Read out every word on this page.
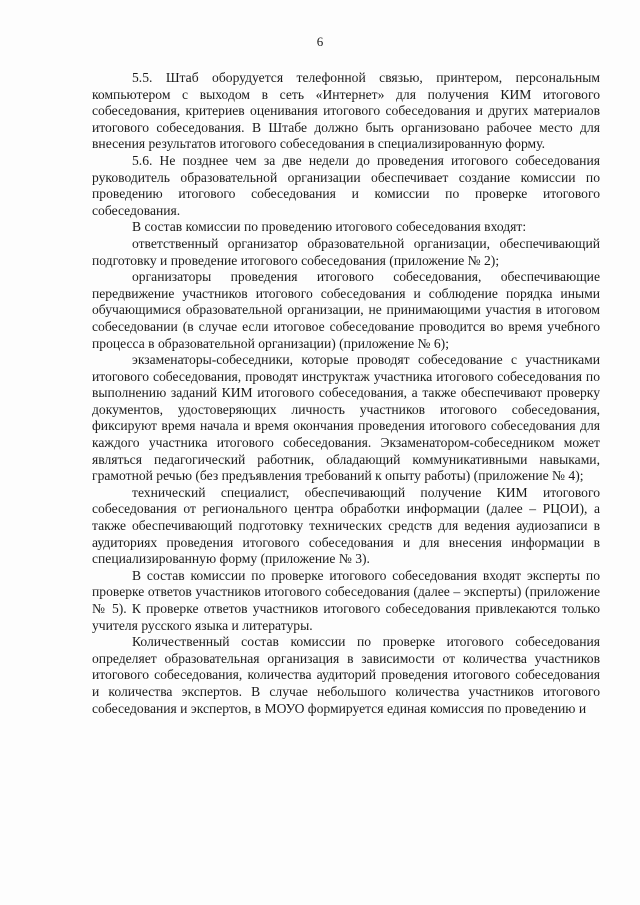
6

5.5. Штаб оборудуется телефонной связью, принтером, персональным компьютером с выходом в сеть «Интернет» для получения КИМ итогового собеседования, критериев оценивания итогового собеседования и других материалов итогового собеседования. В Штабе должно быть организовано рабочее место для внесения результатов итогового собеседования в специализированную форму.

5.6. Не позднее чем за две недели до проведения итогового собеседования руководитель образовательной организации обеспечивает создание комиссии по проведению итогового собеседования и комиссии по проверке итогового собеседования.

В состав комиссии по проведению итогового собеседования входят:

ответственный организатор образовательной организации, обеспечивающий подготовку и проведение итогового собеседования (приложение № 2);

организаторы проведения итогового собеседования, обеспечивающие передвижение участников итогового собеседования и соблюдение порядка иными обучающимися образовательной организации, не принимающими участия в итоговом собеседовании (в случае если итоговое собеседование проводится во время учебного процесса в образовательной организации) (приложение № 6);

экзаменаторы-собеседники, которые проводят собеседование с участниками итогового собеседования, проводят инструктаж участника итогового собеседования по выполнению заданий КИМ итогового собеседования, а также обеспечивают проверку документов, удостоверяющих личность участников итогового собеседования, фиксируют время начала и время окончания проведения итогового собеседования для каждого участника итогового собеседования. Экзаменатором-собеседником может являться педагогический работник, обладающий коммуникативными навыками, грамотной речью (без предъявления требований к опыту работы) (приложение № 4);

технический специалист, обеспечивающий получение КИМ итогового собеседования от регионального центра обработки информации (далее – РЦОИ), а также обеспечивающий подготовку технических средств для ведения аудиозаписи в аудиториях проведения итогового собеседования и для внесения информации в специализированную форму (приложение № 3).

В состав комиссии по проверке итогового собеседования входят эксперты по проверке ответов участников итогового собеседования (далее – эксперты) (приложение № 5). К проверке ответов участников итогового собеседования привлекаются только учителя русского языка и литературы.

Количественный состав комиссии по проверке итогового собеседования определяет образовательная организация в зависимости от количества участников итогового собеседования, количества аудиторий проведения итогового собеседования и количества экспертов. В случае небольшого количества участников итогового собеседования и экспертов, в МОУО формируется единая комиссия по проведению и
